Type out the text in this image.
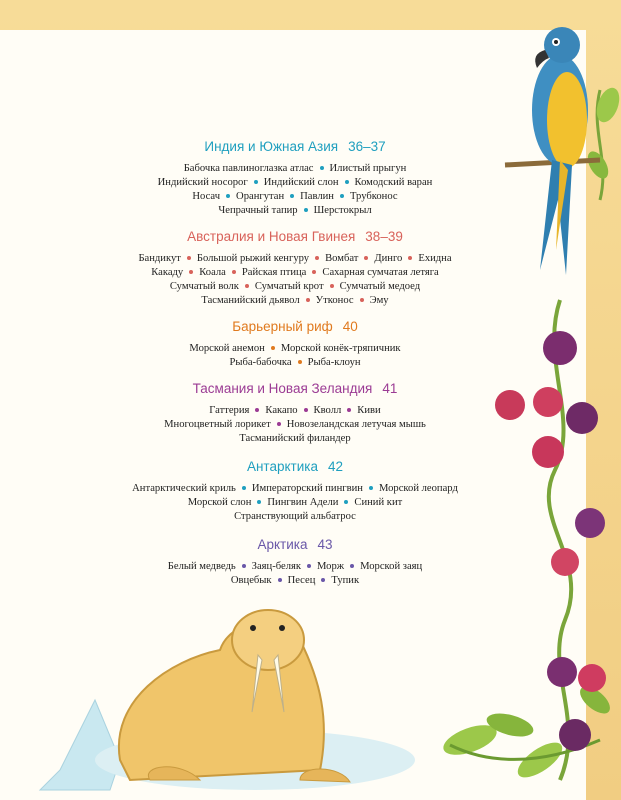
Индия и Южная Азия 36–37
Бабочка павлиноглазка атлас Илистый прыгун
Индийский носорог Индийский слон Комодский варан
Носач Орангутан Павлин Трубконос
Чепрачный тапир Шерстокрыл
Австралия и Новая Гвинея 38–39
Бандикут Большой рыжий кенгуру Вомбат Динго Ехидна
Какаду Коала Райская птица Сахарная сумчатая летяга
Сумчатый волк Сумчатый крот Сумчатый медоед
Тасманийский дьявол Утконос Эму
Барьерный риф 40
Морской анемон Морской конёк-тряпичник
Рыба-бабочка Рыба-клоун
Тасмания и Новая Зеландия 41
Гаттерия Какапо Кволл Киви
Многоцветный лорикет Новозеландская летучая мышь
Тасманийский филандер
Антарктика 42
Антарктический криль Императорский пингвин Морской леопард
Морской слон Пингвин Адели Синий кит
Странствующий альбатрос
Арктика 43
Белый медведь Заяц-беляк Морж Морской заяц
Овцебык Песец Тупик
